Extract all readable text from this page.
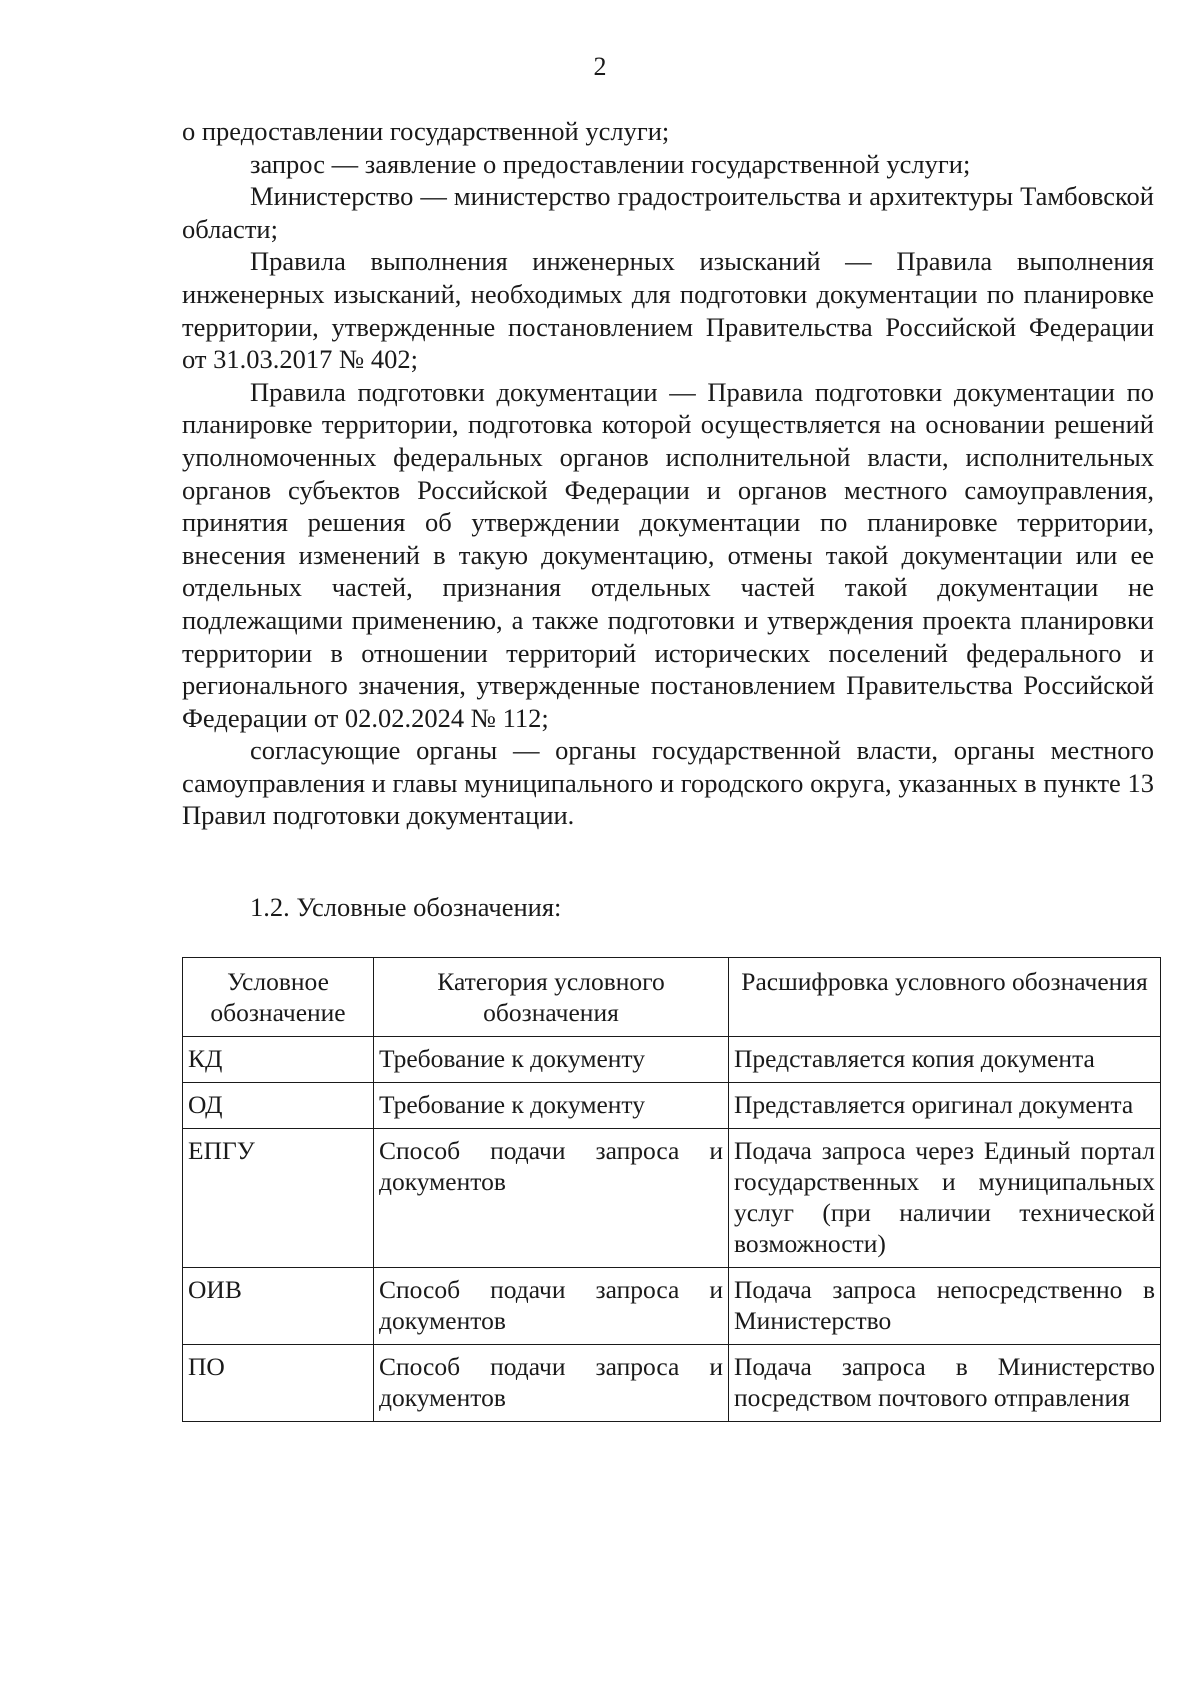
2

о предоставлении государственной услуги;

запрос — заявление о предоставлении государственной услуги;

Министерство — министерство градостроительства и архитектуры Тамбовской области;

Правила выполнения инженерных изысканий — Правила выполнения инженерных изысканий, необходимых для подготовки документации по планировке территории, утвержденные постановлением Правительства Российской Федерации от 31.03.2017 № 402;

Правила подготовки документации — Правила подготовки документации по планировке территории, подготовка которой осуществляется на основании решений уполномоченных федеральных органов исполнительной власти, исполнительных органов субъектов Российской Федерации и органов местного самоуправления, принятия решения об утверждении документации по планировке территории, внесения изменений в такую документацию, отмены такой документации или ее отдельных частей, признания отдельных частей такой документации не подлежащими применению, а также подготовки и утверждения проекта планировки территории в отношении территорий исторических поселений федерального и регионального значения, утвержденные постановлением Правительства Российской Федерации от 02.02.2024 № 112;

согласующие органы — органы государственной власти, органы местного самоуправления и главы муниципального и городского округа, указанных в пункте 13 Правил подготовки документации.

1.2. Условные обозначения:
Условное обозначение	Категория условного обозначения	Расшифровка условного обозначения
КД	Требование к документу	Представляется копия документа
ОД	Требование к документу	Представляется оригинал документа
ЕПГУ	Способ подачи запроса и документов	Подача запроса через Единый портал государственных и муниципальных услуг (при наличии технической возможности)
ОИВ	Способ подачи запроса и документов	Подача запроса непосредственно в Министерство
ПО	Способ подачи запроса и документов	Подача запроса в Министерство посредством почтового отправления
